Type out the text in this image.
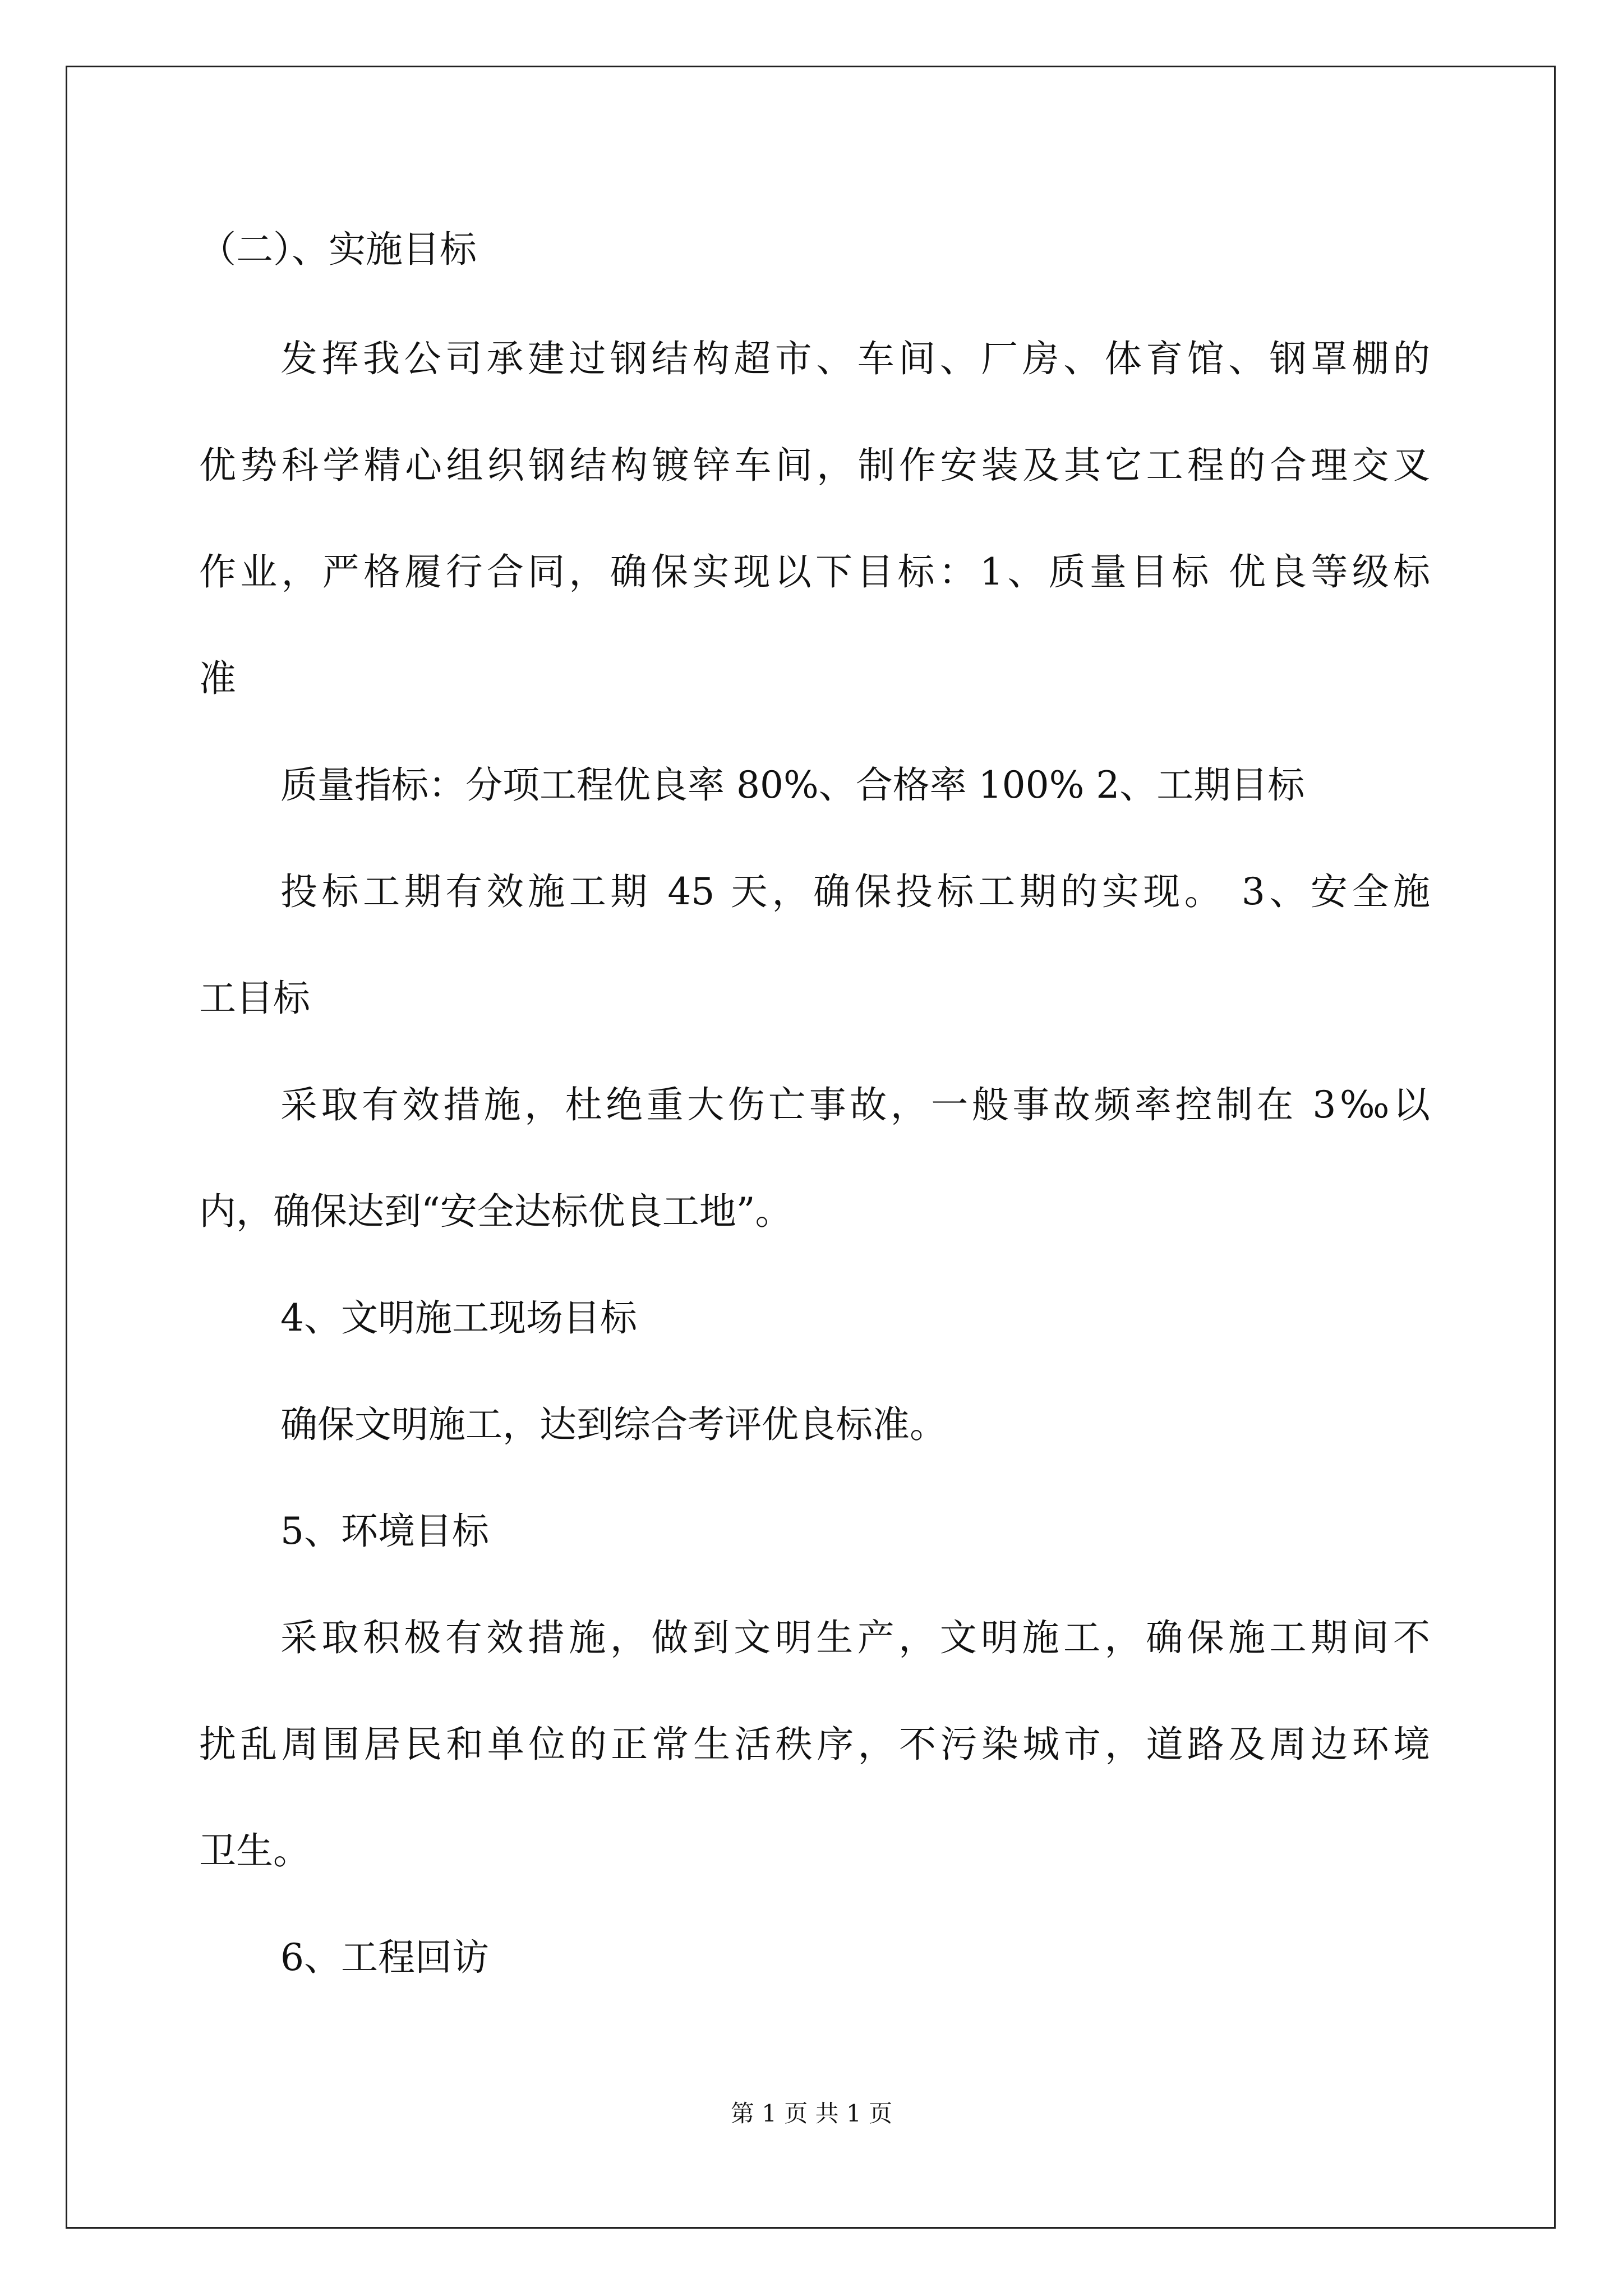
（二）、实施目标

发挥我公司承建过钢结构超市、车间、厂房、体育馆、钢罩棚的

优势科学精心组织钢结构镀锌车间，制作安装及其它工程的合理交叉

作业，严格履行合同，确保实现以下目标：1、质量目标 优良等级标

准

质量指标：分项工程优良率 80%、合格率 100% 2、工期目标

投标工期有效施工期 45 天，确保投标工期的实现。 3、安全施

工目标

采取有效措施，杜绝重大伤亡事故，一般事故频率控制在 3‰以

内，确保达到“安全达标优良工地”。

4、文明施工现场目标

确保文明施工，达到综合考评优良标准。

5、环境目标

采取积极有效措施，做到文明生产，文明施工，确保施工期间不

扰乱周围居民和单位的正常生活秩序，不污染城市，道路及周边环境

卫生。

6、工程回访

第 1 页 共 1 页
